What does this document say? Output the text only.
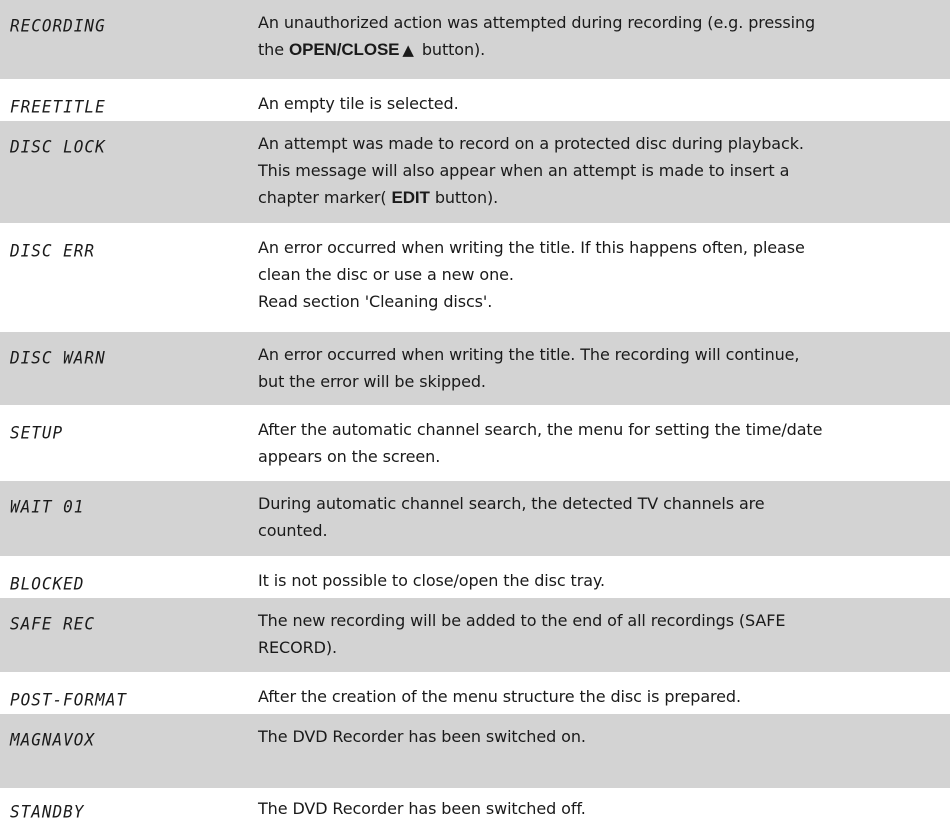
RECORDING	An unauthorized action was attempted during recording (e.g. pressing
the OPEN/CLOSE ▲ button).
FREETITLE	An empty tile is selected.
DISC LOCK	An attempt was made to record on a protected disc during playback.
This message will also appear when an attempt is made to insert a
chapter marker( EDIT button).
DISC ERR	An error occurred when writing the title. If this happens often, please
clean the disc or use a new one.
Read section 'Cleaning discs'.
DISC WARN	An error occurred when writing the title. The recording will continue,
but the error will be skipped.
SETUP	After the automatic channel search, the menu for setting the time/date
appears on the screen.
WAIT 01	During automatic channel search, the detected TV channels are
counted.
BLOCKED	It is not possible to close/open the disc tray.
SAFE REC	The new recording will be added to the end of all recordings (SAFE
RECORD).
POST-FORMAT	After the creation of the menu structure the disc is prepared.
MAGNAVOX	The DVD Recorder has been switched on.
STANDBY	The DVD Recorder has been switched off.
